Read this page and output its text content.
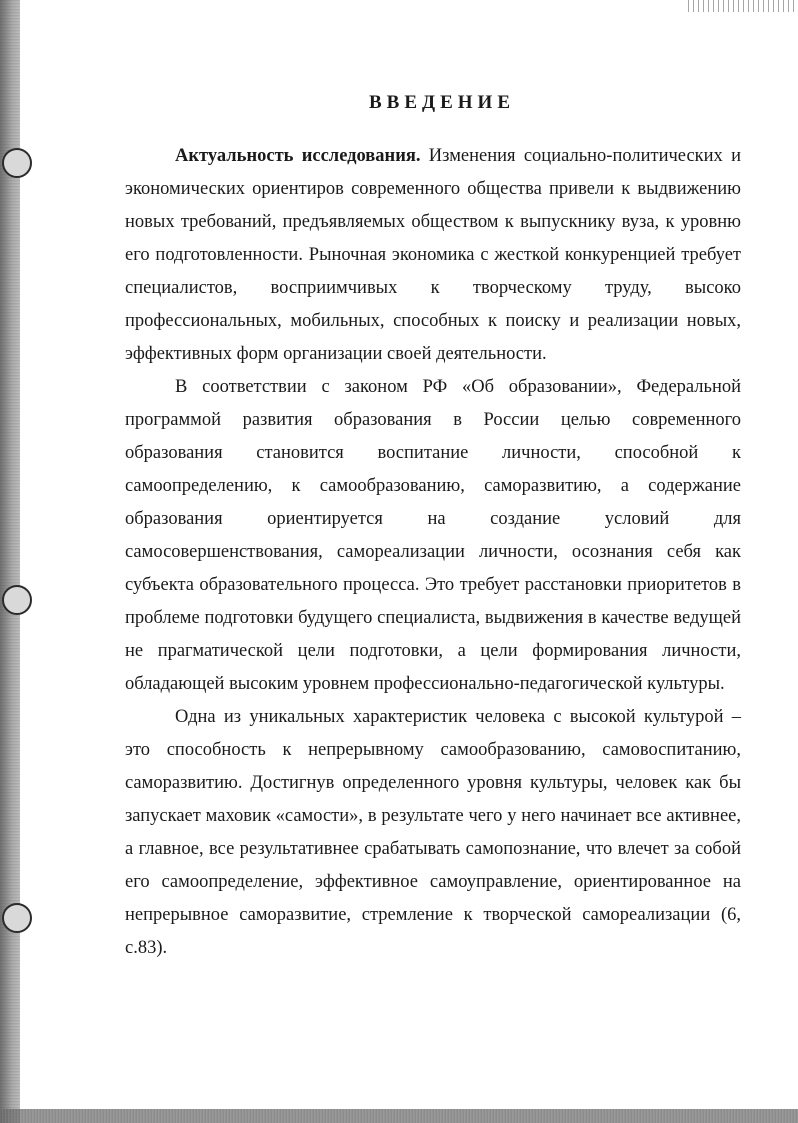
ВВЕДЕНИЕ

Актуальность исследования. Изменения социально-политических и экономических ориентиров современного общества привели к выдвижению новых требований, предъявляемых обществом к выпускнику вуза, к уровню его подготовленности. Рыночная экономика с жесткой конкуренцией требует специалистов, восприимчивых к творческому труду, высоко профессиональных, мобильных, способных к поиску и реализации новых, эффективных форм организации своей деятельности.

В соответствии с законом РФ «Об образовании», Федеральной программой развития образования в России целью современного образования становится воспитание личности, способной к самоопределению, к самообразованию, саморазвитию, а содержание образования ориентируется на создание условий для самосовершенствования, самореализации личности, осознания себя как субъекта образовательного процесса. Это требует расстановки приоритетов в проблеме подготовки будущего специалиста, выдвижения в качестве ведущей не прагматической цели подготовки, а цели формирования личности, обладающей высоким уровнем профессионально-педагогической культуры.

Одна из уникальных характеристик человека с высокой культурой – это способность к непрерывному самообразованию, самовоспитанию, саморазвитию. Достигнув определенного уровня культуры, человек как бы запускает маховик «самости», в результате чего у него начинает все активнее, а главное, все результативнее срабатывать самопознание, что влечет за собой его самоопределение, эффективное самоуправление, ориентированное на непрерывное саморазвитие, стремление к творческой самореализации (6, с.83).
